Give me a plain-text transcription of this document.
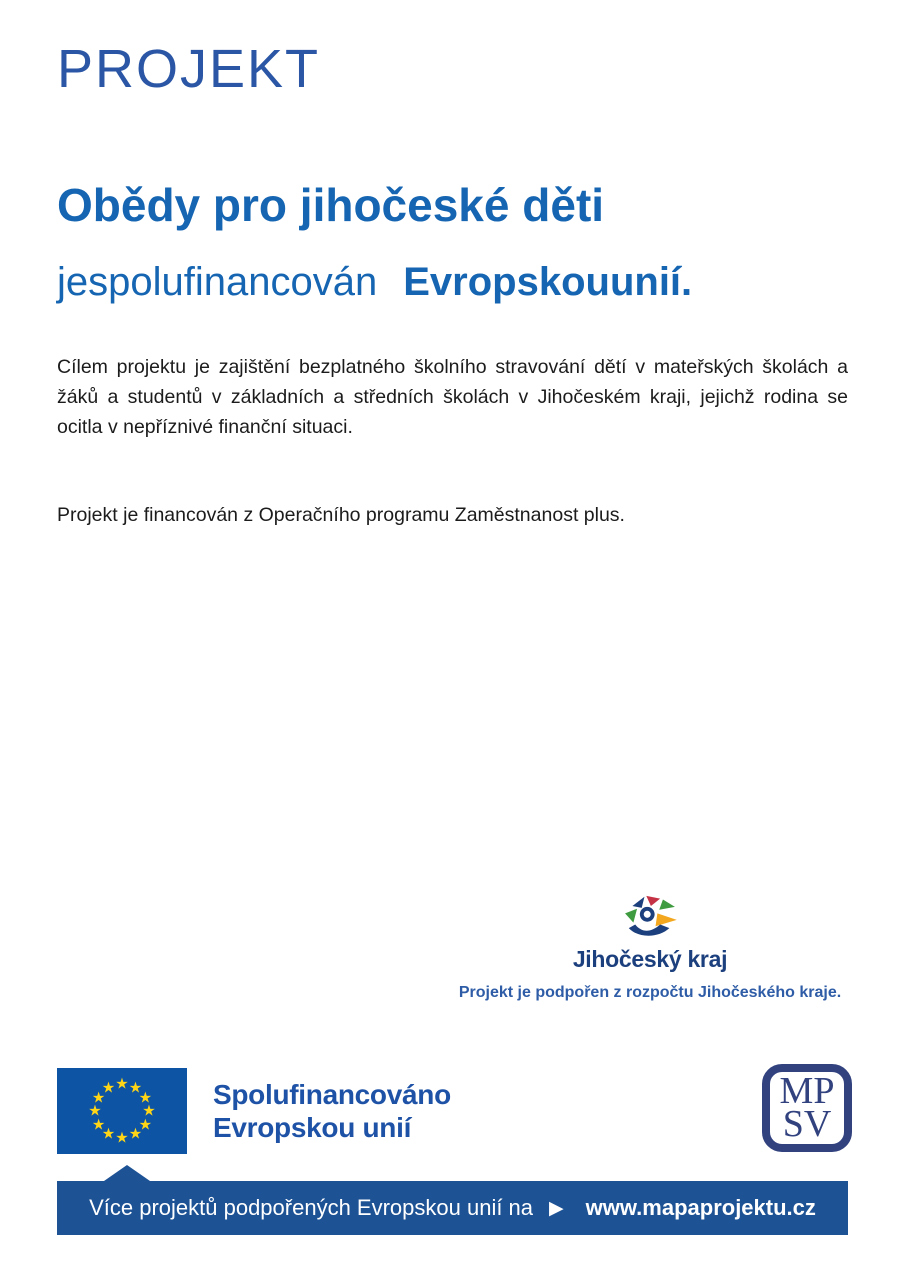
PROJEKT
Obědy pro jihočeské děti
jespolufinancován Evropskouunií.

Cílem projektu je zajištění bezplatného školního stravování dětí v mateřských školách a žáků a studentů v základních a středních školách v Jihočeském kraji, jejichž rodina se ocitla v nepříznivé finanční situaci.

Projekt je financován z Operačního programu Zaměstnanost plus.

Jihočeský kraj
Projekt je podpořen z rozpočtu Jihočeského kraje.
★ ★
★
★
★
★
★
★
★
★
★
★	Spolufinancováno
Evropskou unií
MP
SV
Více projektů podpořených Evropskou unií na ▶ www.mapaprojektu.cz
